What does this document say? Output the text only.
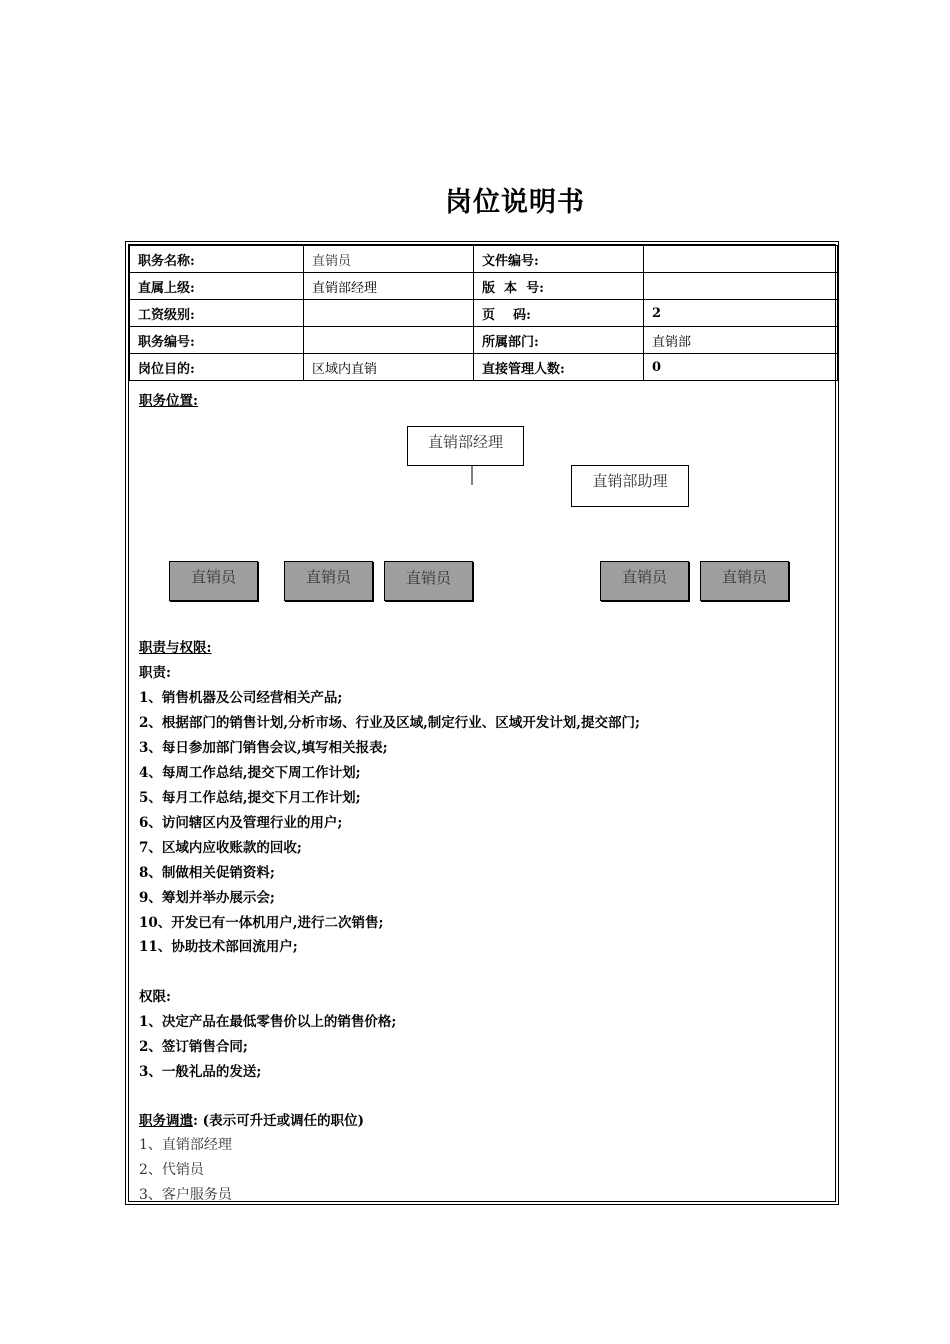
岗位说明书
职务名称:	直销员	文件编号:	
直属上级:	直销部经理	版  本  号:	
工资级别:		页    码:	2
职务编号:		所属部门:	直销部
岗位目的:	区域内直销	直接管理人数:	0
职务位置:
直销部经理
直销部助理
直销员	直销员	直销员	直销员	直销员
职责与权限:
职责:
1、销售机器及公司经营相关产品;
2、根据部门的销售计划,分析市场、行业及区域,制定行业、区域开发计划,提交部门;
3、每日参加部门销售会议,填写相关报表;
4、每周工作总结,提交下周工作计划;
5、每月工作总结,提交下月工作计划;
6、访问辖区内及管理行业的用户;
7、区域内应收账款的回收;
8、制做相关促销资料;
9、筹划并举办展示会;
10、开发已有一体机用户,进行二次销售;
11、协助技术部回流用户;
权限:
1、决定产品在最低零售价以上的销售价格;
2、签订销售合同;
3、一般礼品的发送;
职务调遣: (表示可升迁或调任的职位)
1、直销部经理
2、代销员
3、客户服务员
